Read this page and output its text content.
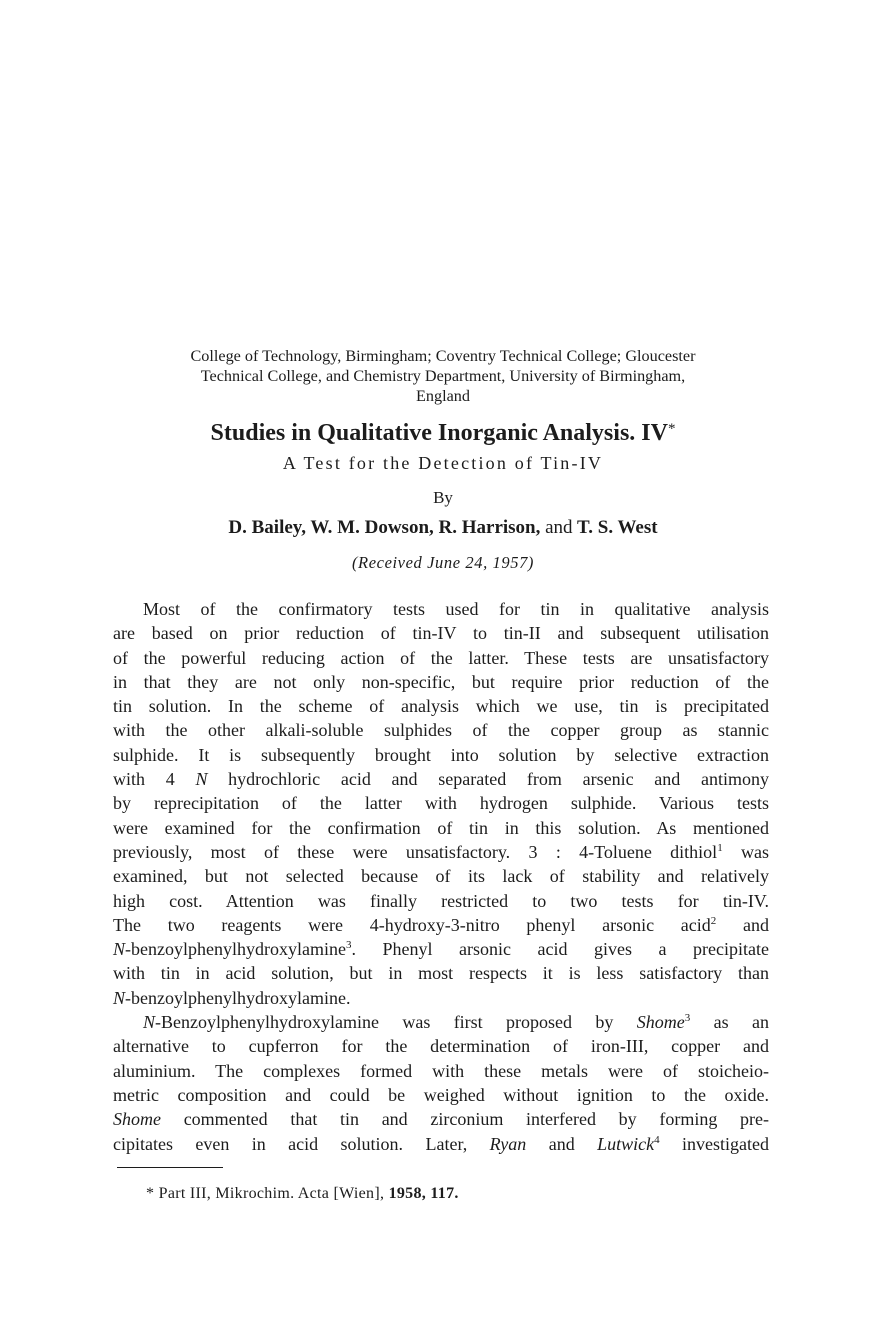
College of Technology, Birmingham; Coventry Technical College; Gloucester
Technical College, and Chemistry Department, University of Birmingham,
England
Studies in Qualitative Inorganic Analysis. IV*
A Test for the Detection of Tin-IV
By
D. Bailey, W. M. Dowson, R. Harrison, and T. S. West
(Received June 24, 1957)
Most of the confirmatory tests used for tin in qualitative analysis
are based on prior reduction of tin-IV to tin-II and subsequent utilisation
of the powerful reducing action of the latter. These tests are unsatisfactory
in that they are not only non-specific, but require prior reduction of the
tin solution. In the scheme of analysis which we use, tin is precipitated
with the other alkali-soluble sulphides of the copper group as stannic
sulphide. It is subsequently brought into solution by selective extraction
with 4 N hydrochloric acid and separated from arsenic and antimony
by reprecipitation of the latter with hydrogen sulphide. Various tests
were examined for the confirmation of tin in this solution. As mentioned
previously, most of these were unsatisfactory. 3 : 4-Toluene dithiol$^1$ was
examined, but not selected because of its lack of stability and relatively
high cost. Attention was finally restricted to two tests for tin-IV.
The two reagents were 4-hydroxy-3-nitro phenyl arsonic acid$^2$ and
N-benzoylphenylhydroxylamine$^3$. Phenyl arsonic acid gives a precipitate
with tin in acid solution, but in most respects it is less satisfactory than
N-benzoylphenylhydroxylamine.
N-Benzoylphenylhydroxylamine was first proposed by Shome$^3$ as an
alternative to cupferron for the determination of iron-III, copper and
aluminium. The complexes formed with these metals were of stoicheio-
metric composition and could be weighed without ignition to the oxide.
Shome commented that tin and zirconium interfered by forming pre-
cipitates even in acid solution. Later, Ryan and Lutwick$^4$ investigated
* Part III, Mikrochim. Acta [Wien], 1958, 117.
